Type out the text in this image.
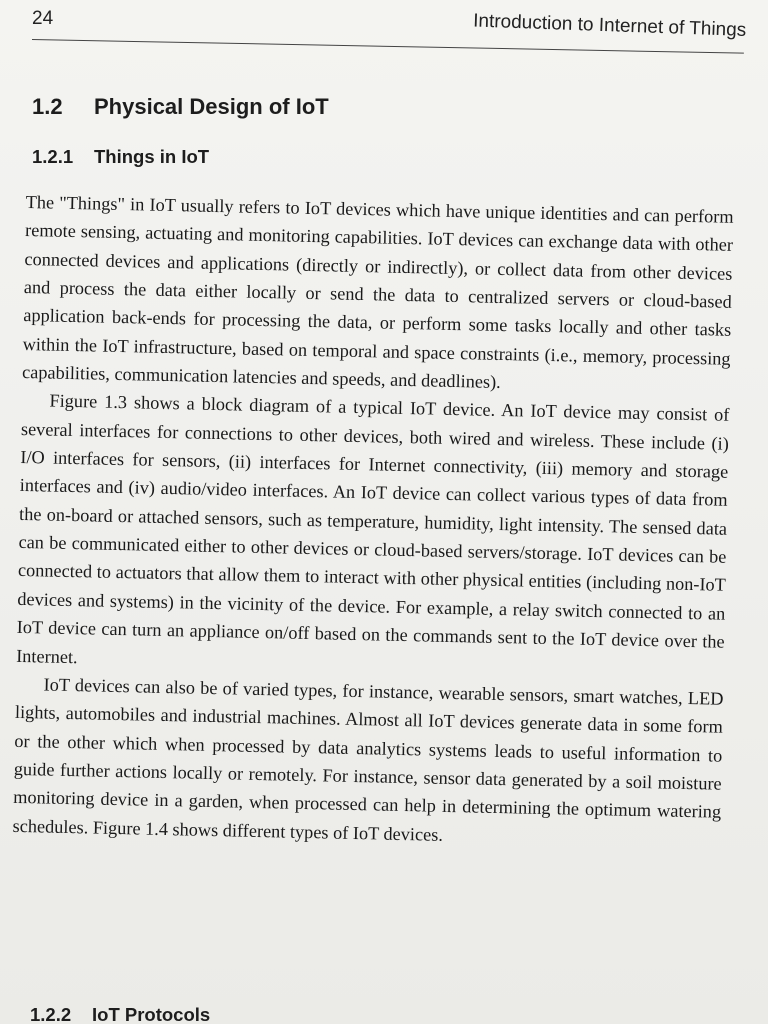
24	Introduction to Internet of Things
1.2 Physical Design of IoT
1.2.1 Things in IoT

The "Things" in IoT usually refers to IoT devices which have unique identities and can perform remote sensing, actuating and monitoring capabilities. IoT devices can exchange data with other connected devices and applications (directly or indirectly), or collect data from other devices and process the data either locally or send the data to centralized servers or cloud-based application back-ends for processing the data, or perform some tasks locally and other tasks within the IoT infrastructure, based on temporal and space constraints (i.e., memory, processing capabilities, communication latencies and speeds, and deadlines).

Figure 1.3 shows a block diagram of a typical IoT device. An IoT device may consist of several interfaces for connections to other devices, both wired and wireless. These include (i) I/O interfaces for sensors, (ii) interfaces for Internet connectivity, (iii) memory and storage interfaces and (iv) audio/video interfaces. An IoT device can collect various types of data from the on-board or attached sensors, such as temperature, humidity, light intensity. The sensed data can be communicated either to other devices or cloud-based servers/storage. IoT devices can be connected to actuators that allow them to interact with other physical entities (including non-IoT devices and systems) in the vicinity of the device. For example, a relay switch connected to an IoT device can turn an appliance on/off based on the commands sent to the IoT device over the Internet.

IoT devices can also be of varied types, for instance, wearable sensors, smart watches, LED lights, automobiles and industrial machines. Almost all IoT devices generate data in some form or the other which when processed by data analytics systems leads to useful information to guide further actions locally or remotely. For instance, sensor data generated by a soil moisture monitoring device in a garden, when processed can help in determining the optimum watering schedules. Figure 1.4 shows different types of IoT devices.

1.2.2 IoT Protocols
